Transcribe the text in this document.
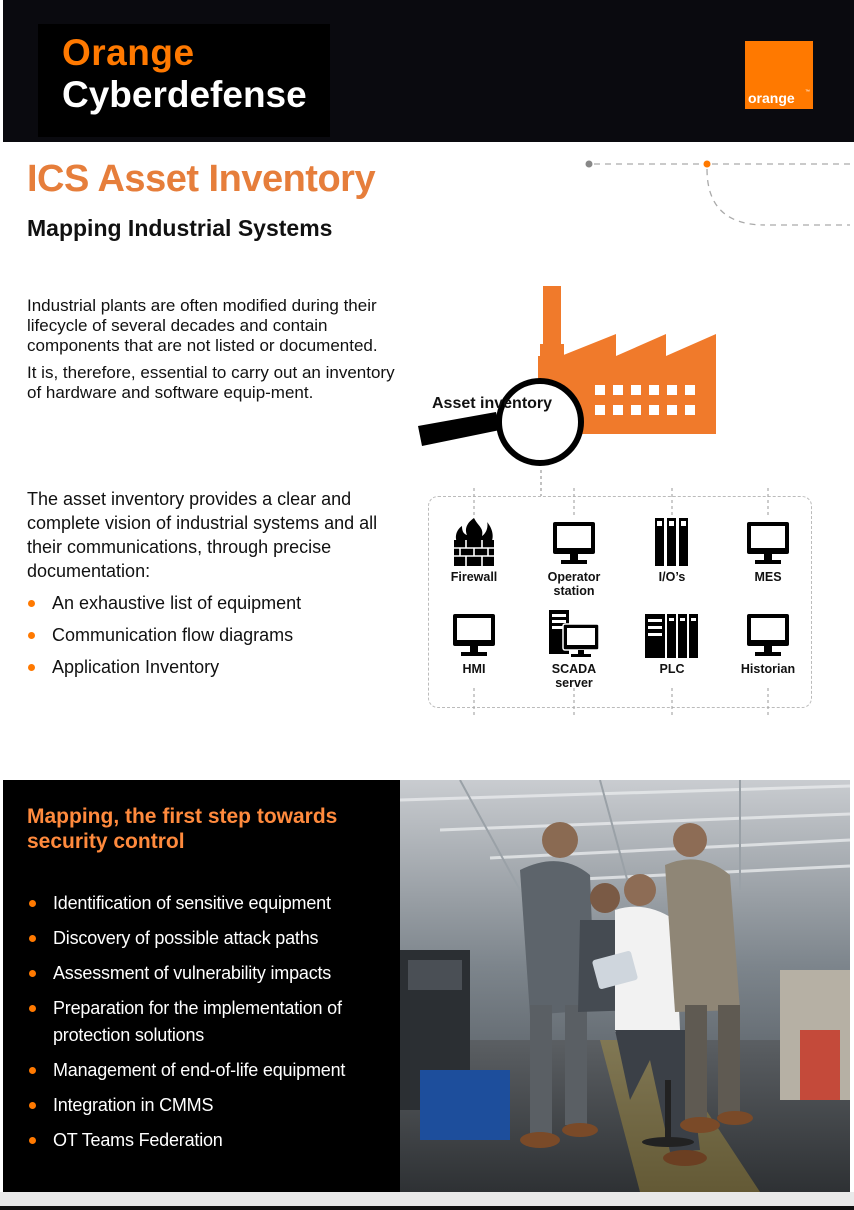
Orange
Cyberdefense	orange ™
ICS Asset Inventory
Mapping Industrial Systems

Industrial plants are often modified during their lifecycle of several decades and contain components that are not listed or documented.

It is, therefore, essential to carry out an inventory of hardware and software equip-ment.

The asset inventory provides a clear and complete vision of industrial systems and all their communications, through precise documentation:

An exhaustive list of equipment
Communication flow diagrams
Application Inventory
Asset inventory
Firewall	Operator station
I/O’s	MES
HMI	SCADA server
PLC	Historian
Mapping, the first step towards security control
Identification of sensitive equipment
Discovery of possible attack paths
Assessment of vulnerability impacts
Preparation for the implementation of protection solutions
Management of end-of-life equipment
Integration in CMMS
OT Teams Federation
